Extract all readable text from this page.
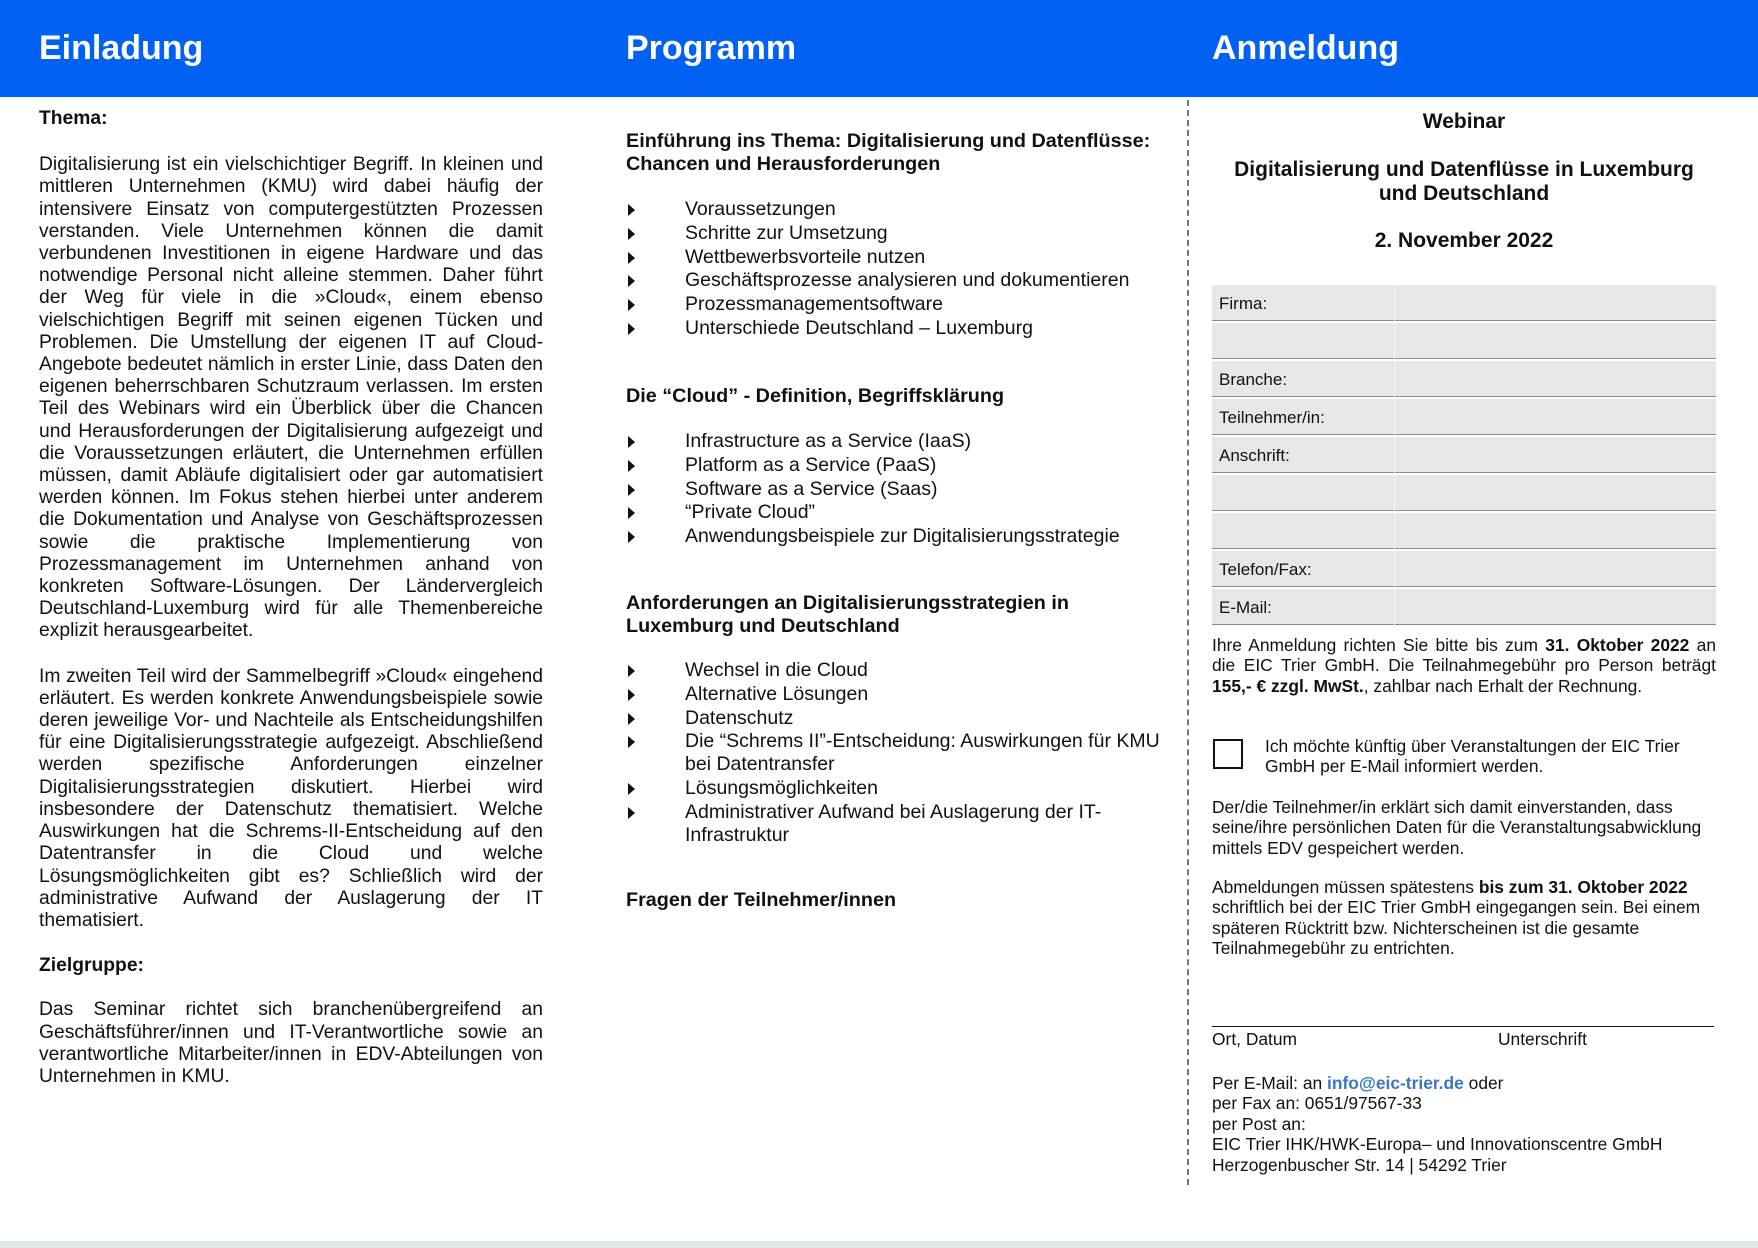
Einladung	Programm	Anmeldung

Thema:

Digitalisierung ist ein vielschichtiger Begriff. In kleinen und mittleren Unternehmen (KMU) wird dabei häufig der intensivere Einsatz von computergestützten Prozessen verstanden. Viele Unternehmen können die damit verbundenen Investitionen in eigene Hardware und das notwendige Personal nicht alleine stemmen. Daher führt der Weg für viele in die »Cloud«, einem ebenso vielschichtigen Begriff mit seinen eigenen Tücken und Problemen. Die Umstellung der eigenen IT auf Cloud-Angebote bedeutet nämlich in erster Linie, dass Daten den eigenen beherrschbaren Schutzraum verlassen. Im ersten Teil des Webinars wird ein Überblick über die Chancen und Herausforderungen der Digitalisierung aufgezeigt und die Voraussetzungen erläutert, die Unternehmen erfüllen müssen, damit Abläufe digitalisiert oder gar automatisiert werden können. Im Fokus stehen hierbei unter anderem die Dokumentation und Analyse von Geschäftsprozessen sowie die praktische Implementierung von Prozessmanagement im Unternehmen anhand von konkreten Software-Lösungen. Der Ländervergleich Deutschland-Luxemburg wird für alle Themenbereiche explizit herausgearbeitet.

Im zweiten Teil wird der Sammelbegriff »Cloud« eingehend erläutert. Es werden konkrete Anwendungsbeispiele sowie deren jeweilige Vor- und Nachteile als Entscheidungshilfen für eine Digitalisierungsstrategie aufgezeigt. Abschließend werden spezifische Anforderungen einzelner Digitalisierungsstrategien diskutiert. Hierbei wird insbesondere der Datenschutz thematisiert. Welche Auswirkungen hat die Schrems-II-Entscheidung auf den Datentransfer in die Cloud und welche Lösungsmöglichkeiten gibt es? Schließlich wird der administrative Aufwand der Auslagerung der IT thematisiert.

Zielgruppe:

Das Seminar richtet sich branchenübergreifend an Geschäftsführer/innen und IT-Verantwortliche sowie an verantwortliche Mitarbeiter/innen in EDV-Abteilungen von Unternehmen in KMU.

Einführung ins Thema: Digitalisierung und Datenflüsse: Chancen und Herausforderungen
Voraussetzungen
Schritte zur Umsetzung
Wettbewerbsvorteile nutzen
Geschäftsprozesse analysieren und dokumentieren
Prozessmanagementsoftware
Unterschiede Deutschland – Luxemburg
Die “Cloud” - Definition, Begriffsklärung
Infrastructure as a Service (IaaS)
Platform as a Service (PaaS)
Software as a Service (Saas)
“Private Cloud”
Anwendungsbeispiele zur Digitalisierungsstrategie
Anforderungen an Digitalisierungsstrategien in Luxemburg und Deutschland
Wechsel in die Cloud
Alternative Lösungen
Datenschutz
Die “Schrems II”-Entscheidung: Auswirkungen für KMU bei Datentransfer
Lösungsmöglichkeiten
Administrativer Aufwand bei Auslagerung der IT-Infrastruktur
Fragen der Teilnehmer/innen
Webinar
Digitalisierung und Datenflüsse in Luxemburg und Deutschland
2. November 2022
Firma:
Branche:
Teilnehmer/in:
Anschrift:
Telefon/Fax:
E-Mail:

Ihre Anmeldung richten Sie bitte bis zum 31. Oktober 2022 an die EIC Trier GmbH. Die Teilnahmegebühr pro Person beträgt 155,- € zzgl. MwSt., zahlbar nach Erhalt der Rechnung.

Ich möchte künftig über Veranstaltungen der EIC Trier GmbH per E-Mail informiert werden.

Der/die Teilnehmer/in erklärt sich damit einverstanden, dass seine/ihre persönlichen Daten für die Veranstaltungsabwicklung mittels EDV gespeichert werden.

Abmeldungen müssen spätestens bis zum 31. Oktober 2022 schriftlich bei der EIC Trier GmbH eingegangen sein. Bei einem späteren Rücktritt bzw. Nichterscheinen ist die gesamte Teilnahmegebühr zu entrichten.

Ort, Datum	Unterschrift

Per E-Mail: an info@eic-trier.de oder

per Fax an: 0651/97567-33

per Post an:

EIC Trier IHK/HWK-Europa– und Innovationscentre GmbH

Herzogenbuscher Str. 14 | 54292 Trier
